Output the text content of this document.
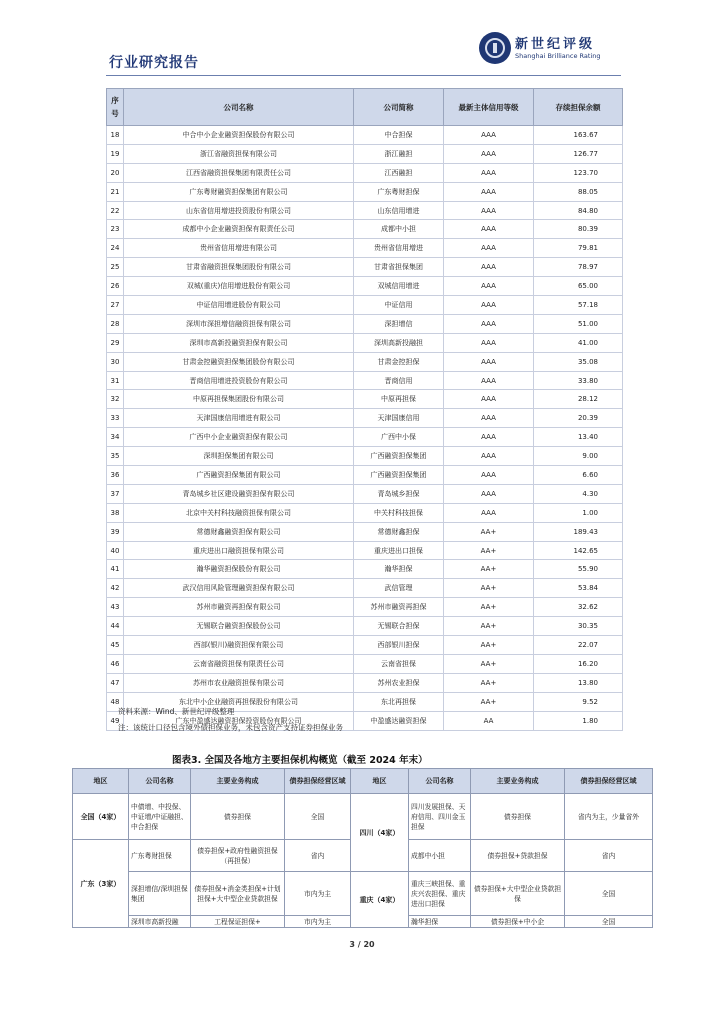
行业研究报告
新世纪评级
Shanghai Brilliance Rating
序号	公司名称	公司简称	最新主体信用等级	存续担保余额
18	中合中小企业融资担保股份有限公司	中合担保	AAA	163.67
19	浙江省融资担保有限公司	浙江融担	AAA	126.77
20	江西省融资担保集团有限责任公司	江西融担	AAA	123.70
21	广东粤财融资担保集团有限公司	广东粤财担保	AAA	88.05
22	山东省信用增进投资股份有限公司	山东信用增进	AAA	84.80
23	成都中小企业融资担保有限责任公司	成都中小担	AAA	80.39
24	贵州省信用增进有限公司	贵州省信用增进	AAA	79.81
25	甘肃省融资担保集团股份有限公司	甘肃省担保集团	AAA	78.97
26	双城(重庆)信用增进股份有限公司	双城信用增进	AAA	65.00
27	中证信用增进股份有限公司	中证信用	AAA	57.18
28	深圳市深担增信融资担保有限公司	深担增信	AAA	51.00
29	深圳市高新投融资担保有限公司	深圳高新投融担	AAA	41.00
30	甘肃金控融资担保集团股份有限公司	甘肃金控担保	AAA	35.08
31	晋商信用增进投资股份有限公司	晋商信用	AAA	33.80
32	中原再担保集团股份有限公司	中原再担保	AAA	28.12
33	天津国康信用增进有限公司	天津国康信用	AAA	20.39
34	广西中小企业融资担保有限公司	广西中小保	AAA	13.40
35	深圳担保集团有限公司	广西融资担保集团	AAA	9.00
36	广西融资担保集团有限公司	广西融资担保集团	AAA	6.60
37	青岛城乡社区建设融资担保有限公司	青岛城乡担保	AAA	4.30
38	北京中关村科技融资担保有限公司	中关村科技担保	AAA	1.00
39	常德财鑫融资担保有限公司	常德财鑫担保	AA+	189.43
40	重庆进出口融资担保有限公司	重庆进出口担保	AA+	142.65
41	瀚华融资担保股份有限公司	瀚华担保	AA+	55.90
42	武汉信用风险管理融资担保有限公司	武信管理	AA+	53.84
43	苏州市融资再担保有限公司	苏州市融资再担保	AA+	32.62
44	无锡联合融资担保股份公司	无锡联合担保	AA+	30.35
45	西部(银川)融资担保有限公司	西部银川担保	AA+	22.07
46	云南省融资担保有限责任公司	云南省担保	AA+	16.20
47	苏州市农业融资担保有限公司	苏州农业担保	AA+	13.80
48	东北中小企业融资再担保股份有限公司	东北再担保	AA+	9.52
49	广东中盈盛达融资担保投资股份有限公司	中盈盛达融资担保	AA	1.80
资料来源：Wind、新世纪评级整理
注：该统计口径包含境外债担保业务，未包含资产支持证券担保业务
图表3. 全国及各地方主要担保机构概览（截至 2024 年末）
地区	公司名称	主要业务构成	债券担保经营区域	地区	公司名称	主要业务构成	债券担保经营区域
全国（4家）	中债增、中投保、中证增/中证融担、中合担保	债券担保	全国	四川（4家）	四川发展担保、天府信用、四川金玉担保	债券担保	省内为主，少量省外
广东（3家）	广东粤财担保	债券担保+政府性融资担保（再担保）	省内		成都中小担	债券担保+贷款担保	省内
	深担增信/深圳担保集团	债券担保+消金类担保+计划担保+大中型企业贷款担保	市内为主	重庆（4家）	重庆三峡担保、重庆兴农担保、重庆进出口担保	债券担保+大中型企业贷款担保	全国
	深圳市高新投融	工程保证担保+	市内为主		瀚华担保	债券担保+中小企	全国
3 / 20
